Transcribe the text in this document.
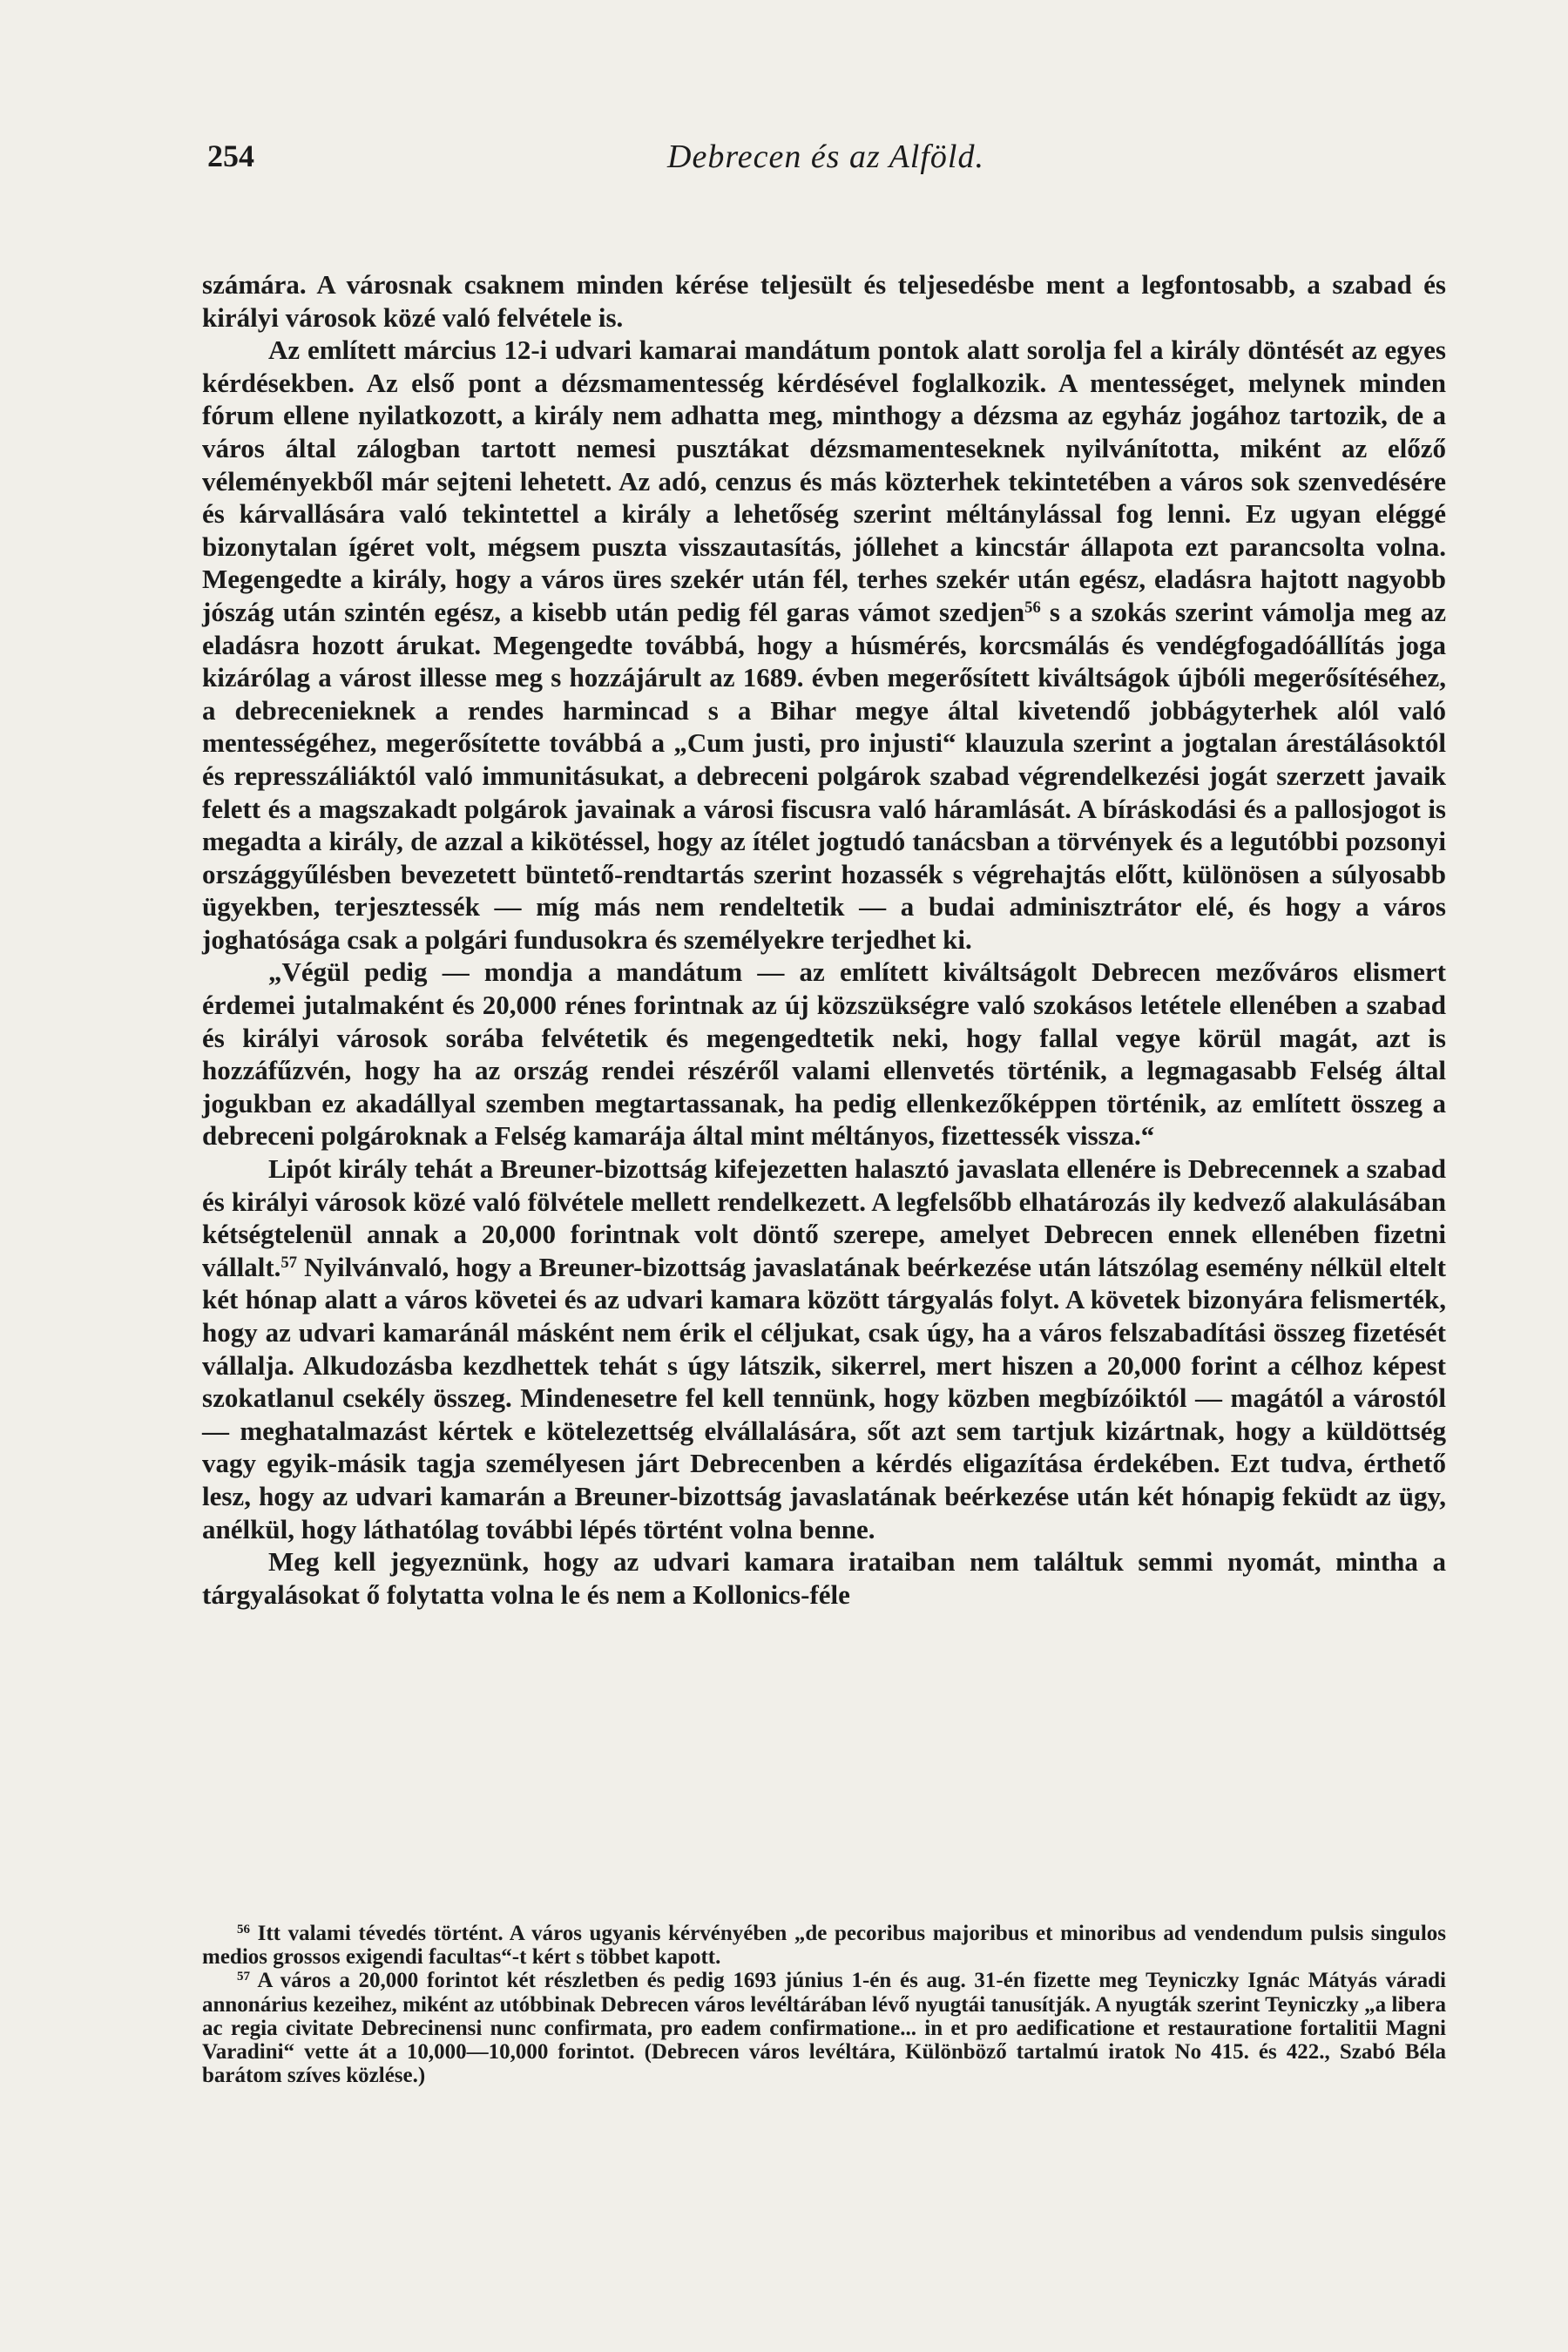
254	Debrecen és az Alföld.

számára. A városnak csaknem minden kérése teljesült és teljesedésbe ment a legfontosabb, a szabad és királyi városok közé való felvétele is.

Az említett március 12-i udvari kamarai mandátum pontok alatt sorolja fel a király döntését az egyes kérdésekben. Az első pont a dézsmamentesség kérdésével foglalkozik. A mentességet, melynek minden fórum ellene nyilatkozott, a király nem adhatta meg, minthogy a dézsma az egyház jogához tartozik, de a város által zálogban tartott nemesi pusztákat dézsmamenteseknek nyilvánította, miként az előző véleményekből már sejteni lehetett. Az adó, cenzus és más közterhek tekintetében a város sok szenvedésére és kárvallására való tekintettel a király a lehetőség szerint méltánylással fog lenni. Ez ugyan eléggé bizonytalan ígéret volt, mégsem puszta visszautasítás, jóllehet a kincstár állapota ezt parancsolta volna. Megengedte a király, hogy a város üres szekér után fél, terhes szekér után egész, eladásra hajtott nagyobb jószág után szintén egész, a kisebb után pedig fél garas vámot szedjen$^{56}$ s a szokás szerint vámolja meg az eladásra hozott árukat. Megengedte továbbá, hogy a húsmérés, korcsmálás és vendégfogadóállítás joga kizárólag a várost illesse meg s hozzájárult az 1689. évben megerősített kiváltságok újbóli megerősítéséhez, a debrecenieknek a rendes harmincad s a Bihar megye által kivetendő jobbágyterhek alól való mentességéhez, megerősítette továbbá a „Cum justi, pro injusti“ klauzula szerint a jogtalan árestálásoktól és represszáliáktól való immunitásukat, a debreceni polgárok szabad végrendelkezési jogát szerzett javaik felett és a magszakadt polgárok javainak a városi fiscusra való háramlását. A bíráskodási és a pallosjogot is megadta a király, de azzal a kikötéssel, hogy az ítélet jogtudó tanácsban a törvények és a legutóbbi pozsonyi országgyűlésben bevezetett büntető-rendtartás szerint hozassék s végrehajtás előtt, különösen a súlyosabb ügyekben, terjesztessék — míg más nem rendeltetik — a budai adminisztrátor elé, és hogy a város joghatósága csak a polgári fundusokra és személyekre terjedhet ki.

„Végül pedig — mondja a mandátum — az említett kiváltságolt Debrecen mezőváros elismert érdemei jutalmaként és 20,000 rénes forintnak az új közszükségre való szokásos letétele ellenében a szabad és királyi városok sorába felvétetik és megengedtetik neki, hogy fallal vegye körül magát, azt is hozzáfűzvén, hogy ha az ország rendei részéről valami ellenvetés történik, a legmagasabb Felség által jogukban ez akadállyal szemben megtartassanak, ha pedig ellenkezőképpen történik, az említett összeg a debreceni polgároknak a Felség kamarája által mint méltányos, fizettessék vissza.“

Lipót király tehát a Breuner-bizottság kifejezetten halasztó javaslata ellenére is Debrecennek a szabad és királyi városok közé való fölvétele mellett rendelkezett. A legfelsőbb elhatározás ily kedvező alakulásában kétségtelenül annak a 20,000 forintnak volt döntő szerepe, amelyet Debrecen ennek ellenében fizetni vállalt.$^{57}$ Nyilvánvaló, hogy a Breuner-bizottság javaslatának beérkezése után látszólag esemény nélkül eltelt két hónap alatt a város követei és az udvari kamara között tárgyalás folyt. A követek bizonyára felismerték, hogy az udvari kamaránál másként nem érik el céljukat, csak úgy, ha a város felszabadítási összeg fizetését vállalja. Alkudozásba kezdhettek tehát s úgy látszik, sikerrel, mert hiszen a 20,000 forint a célhoz képest szokatlanul csekély összeg. Mindenesetre fel kell tennünk, hogy közben megbízóiktól — magától a várostól — meghatalmazást kértek e kötelezettség elvállalására, sőt azt sem tartjuk kizártnak, hogy a küldöttség vagy egyik-másik tagja személyesen járt Debrecenben a kérdés eligazítása érdekében. Ezt tudva, érthető lesz, hogy az udvari kamarán a Breuner-bizottság javaslatának beérkezése után két hónapig feküdt az ügy, anélkül, hogy láthatólag további lépés történt volna benne.

Meg kell jegyeznünk, hogy az udvari kamara irataiban nem találtuk semmi nyomát, mintha a tárgyalásokat ő folytatta volna le és nem a Kollonics-féle

$^{56}$ Itt valami tévedés történt. A város ugyanis kérvényében „de pecoribus majoribus et minoribus ad vendendum pulsis singulos medios grossos exigendi facultas“-t kért s többet kapott.

$^{57}$ A város a 20,000 forintot két részletben és pedig 1693 június 1-én és aug. 31-én fizette meg Teyniczky Ignác Mátyás váradi annonárius kezeihez, miként az utóbbinak Debrecen város levéltárában lévő nyugtái tanusítják. A nyugták szerint Teyniczky „a libera ac regia civitate Debrecinensi nunc confirmata, pro eadem confirmatione... in et pro aedificatione et restauratione fortalitii Magni Varadini“ vette át a 10,000—10,000 forintot. (Debrecen város levéltára, Különböző tartalmú iratok No 415. és 422., Szabó Béla barátom szíves közlése.)
